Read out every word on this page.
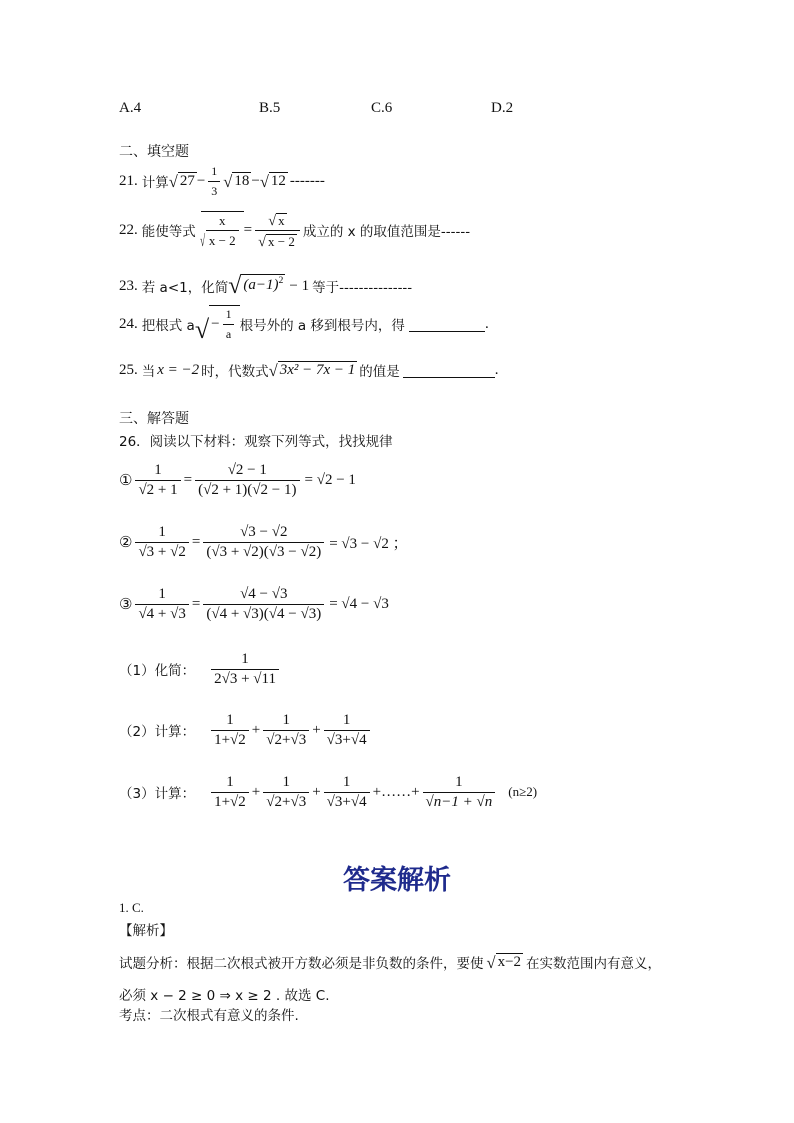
A.4	B.5	C.6	D.2
二、填空题
21. 计算 √ $27 - \frac{1}{3}$ √ 18 − √ 12 -------
22. 能使等式 √ $\frac{x}{x - 2} = \frac{√ x}{√ x - 2}$ 成立的 x 的取值范围是------
23. 若 a<1，化简 √ $(a-1)^2 - 1$ 等于---------------
24. 把根式 a √ − $\frac{1}{a}$ 根号外的 a 移到根号内，得	.
25. 当 x = −2 时，代数式 √ 3x² − 7x − 1 的值是	.
三、解答题
26．阅读以下材料：观察下列等式，找找规律
① $\frac{1}{√2 + 1} = \frac{√2 - 1}{(√2 + 1)(√2 - 1)} = √2 - 1$
② $\frac{1}{√3 + √2} = \frac{√3 - √2}{(√3 + √2)(√3 - √2)} = √3 - √2$ ；
③ $\frac{1}{√4 + √3} = \frac{√4 - √3}{(√4 + √3)(√4 - √3)} = √4 - √3$
（1）化简： $\frac{1}{2√3 + √11}$
（2）计算： $\frac{1}{1+√2} + \frac{1}{√2+√3} + \frac{1}{√3+√4}$
（3）计算： $\frac{1}{1+√2} + \frac{1}{√2+√3} + \frac{1}{√3+√4}$ +……+ $\frac{1}{√n-1 + √n} (n\ge 2)$
答案解析
1. C.
【解析】
试题分析：根据二次根式被开方数必须是非负数的条件，要使 √ x−2 在实数范围内有意义，
必须 x − 2 ≥ 0 ⇒ x ≥ 2 . 故选 C.
考点：二次根式有意义的条件.
